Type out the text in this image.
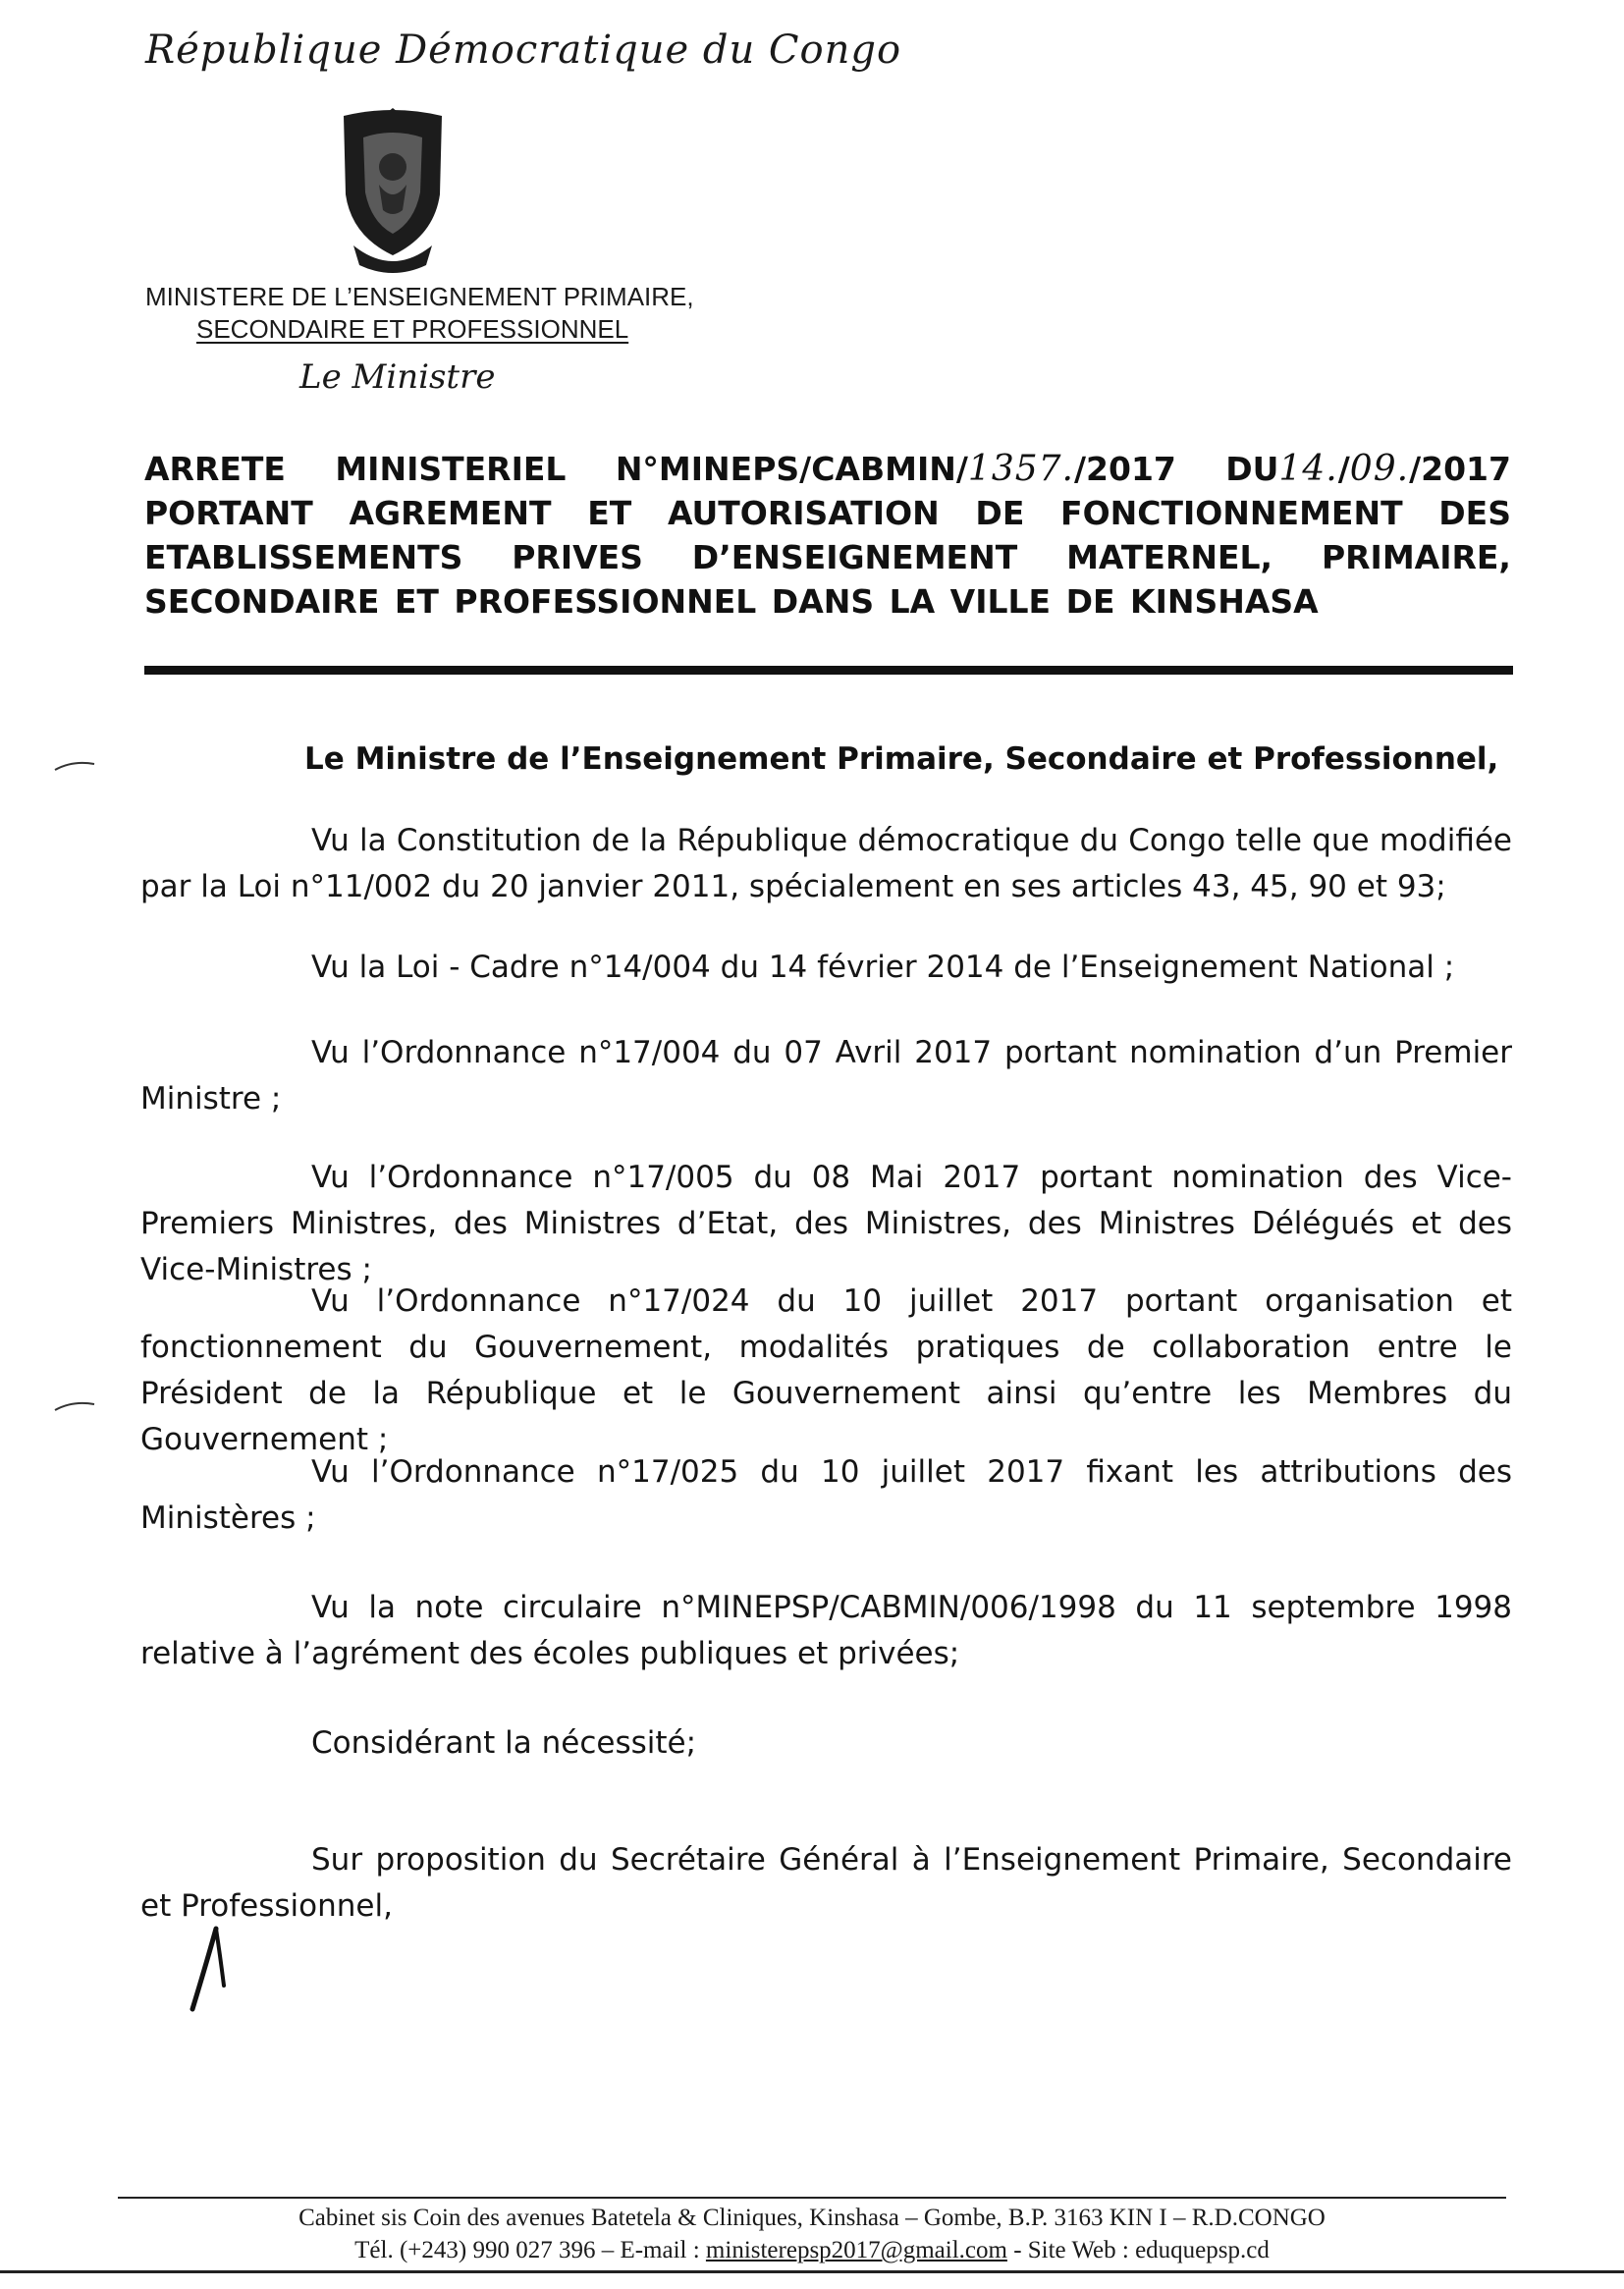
République Démocratique du Congo
MINISTERE DE L’ENSEIGNEMENT PRIMAIRE,
SECONDAIRE ET PROFESSIONNEL
Le Ministre
ARRETE MINISTERIEL N°MINEPS/CABMIN/1357./2017 DU14./09./2017
PORTANT AGREMENT ET AUTORISATION DE FONCTIONNEMENT DES
ETABLISSEMENTS PRIVES D’ENSEIGNEMENT MATERNEL, PRIMAIRE,
SECONDAIRE ET PROFESSIONNEL DANS LA VILLE DE KINSHASA
Le Ministre de l’Enseignement Primaire, Secondaire et Professionnel,
Vu la Constitution de la République démocratique du Congo telle que modifiée par la Loi n°11/002 du 20 janvier 2011, spécialement en ses articles 43, 45, 90 et 93;
Vu la Loi - Cadre n°14/004 du 14 février 2014 de l’Enseignement National ;
Vu l’Ordonnance n°17/004 du 07 Avril 2017 portant nomination d’un Premier Ministre ;
Vu l’Ordonnance n°17/005 du 08 Mai 2017 portant nomination des Vice-Premiers Ministres, des Ministres d’Etat, des Ministres, des Ministres Délégués et des Vice-Ministres ;
Vu l’Ordonnance n°17/024 du 10 juillet 2017 portant organisation et fonctionnement du Gouvernement, modalités pratiques de collaboration entre le Président de la République et le Gouvernement ainsi qu’entre les Membres du Gouvernement ;
Vu l’Ordonnance n°17/025 du 10 juillet 2017 fixant les attributions des Ministères ;
Vu la note circulaire n°MINEPSP/CABMIN/006/1998 du 11 septembre 1998 relative à l’agrément des écoles publiques et privées;
Considérant la nécessité;
Sur proposition du Secrétaire Général à l’Enseignement Primaire, Secondaire et Professionnel,
Cabinet sis Coin des avenues Batetela & Cliniques, Kinshasa – Gombe, B.P. 3163 KIN I – R.D.CONGO
Tél. (+243) 990 027 396 – E-mail : ministerepsp2017@gmail.com - Site Web : eduquepsp.cd
